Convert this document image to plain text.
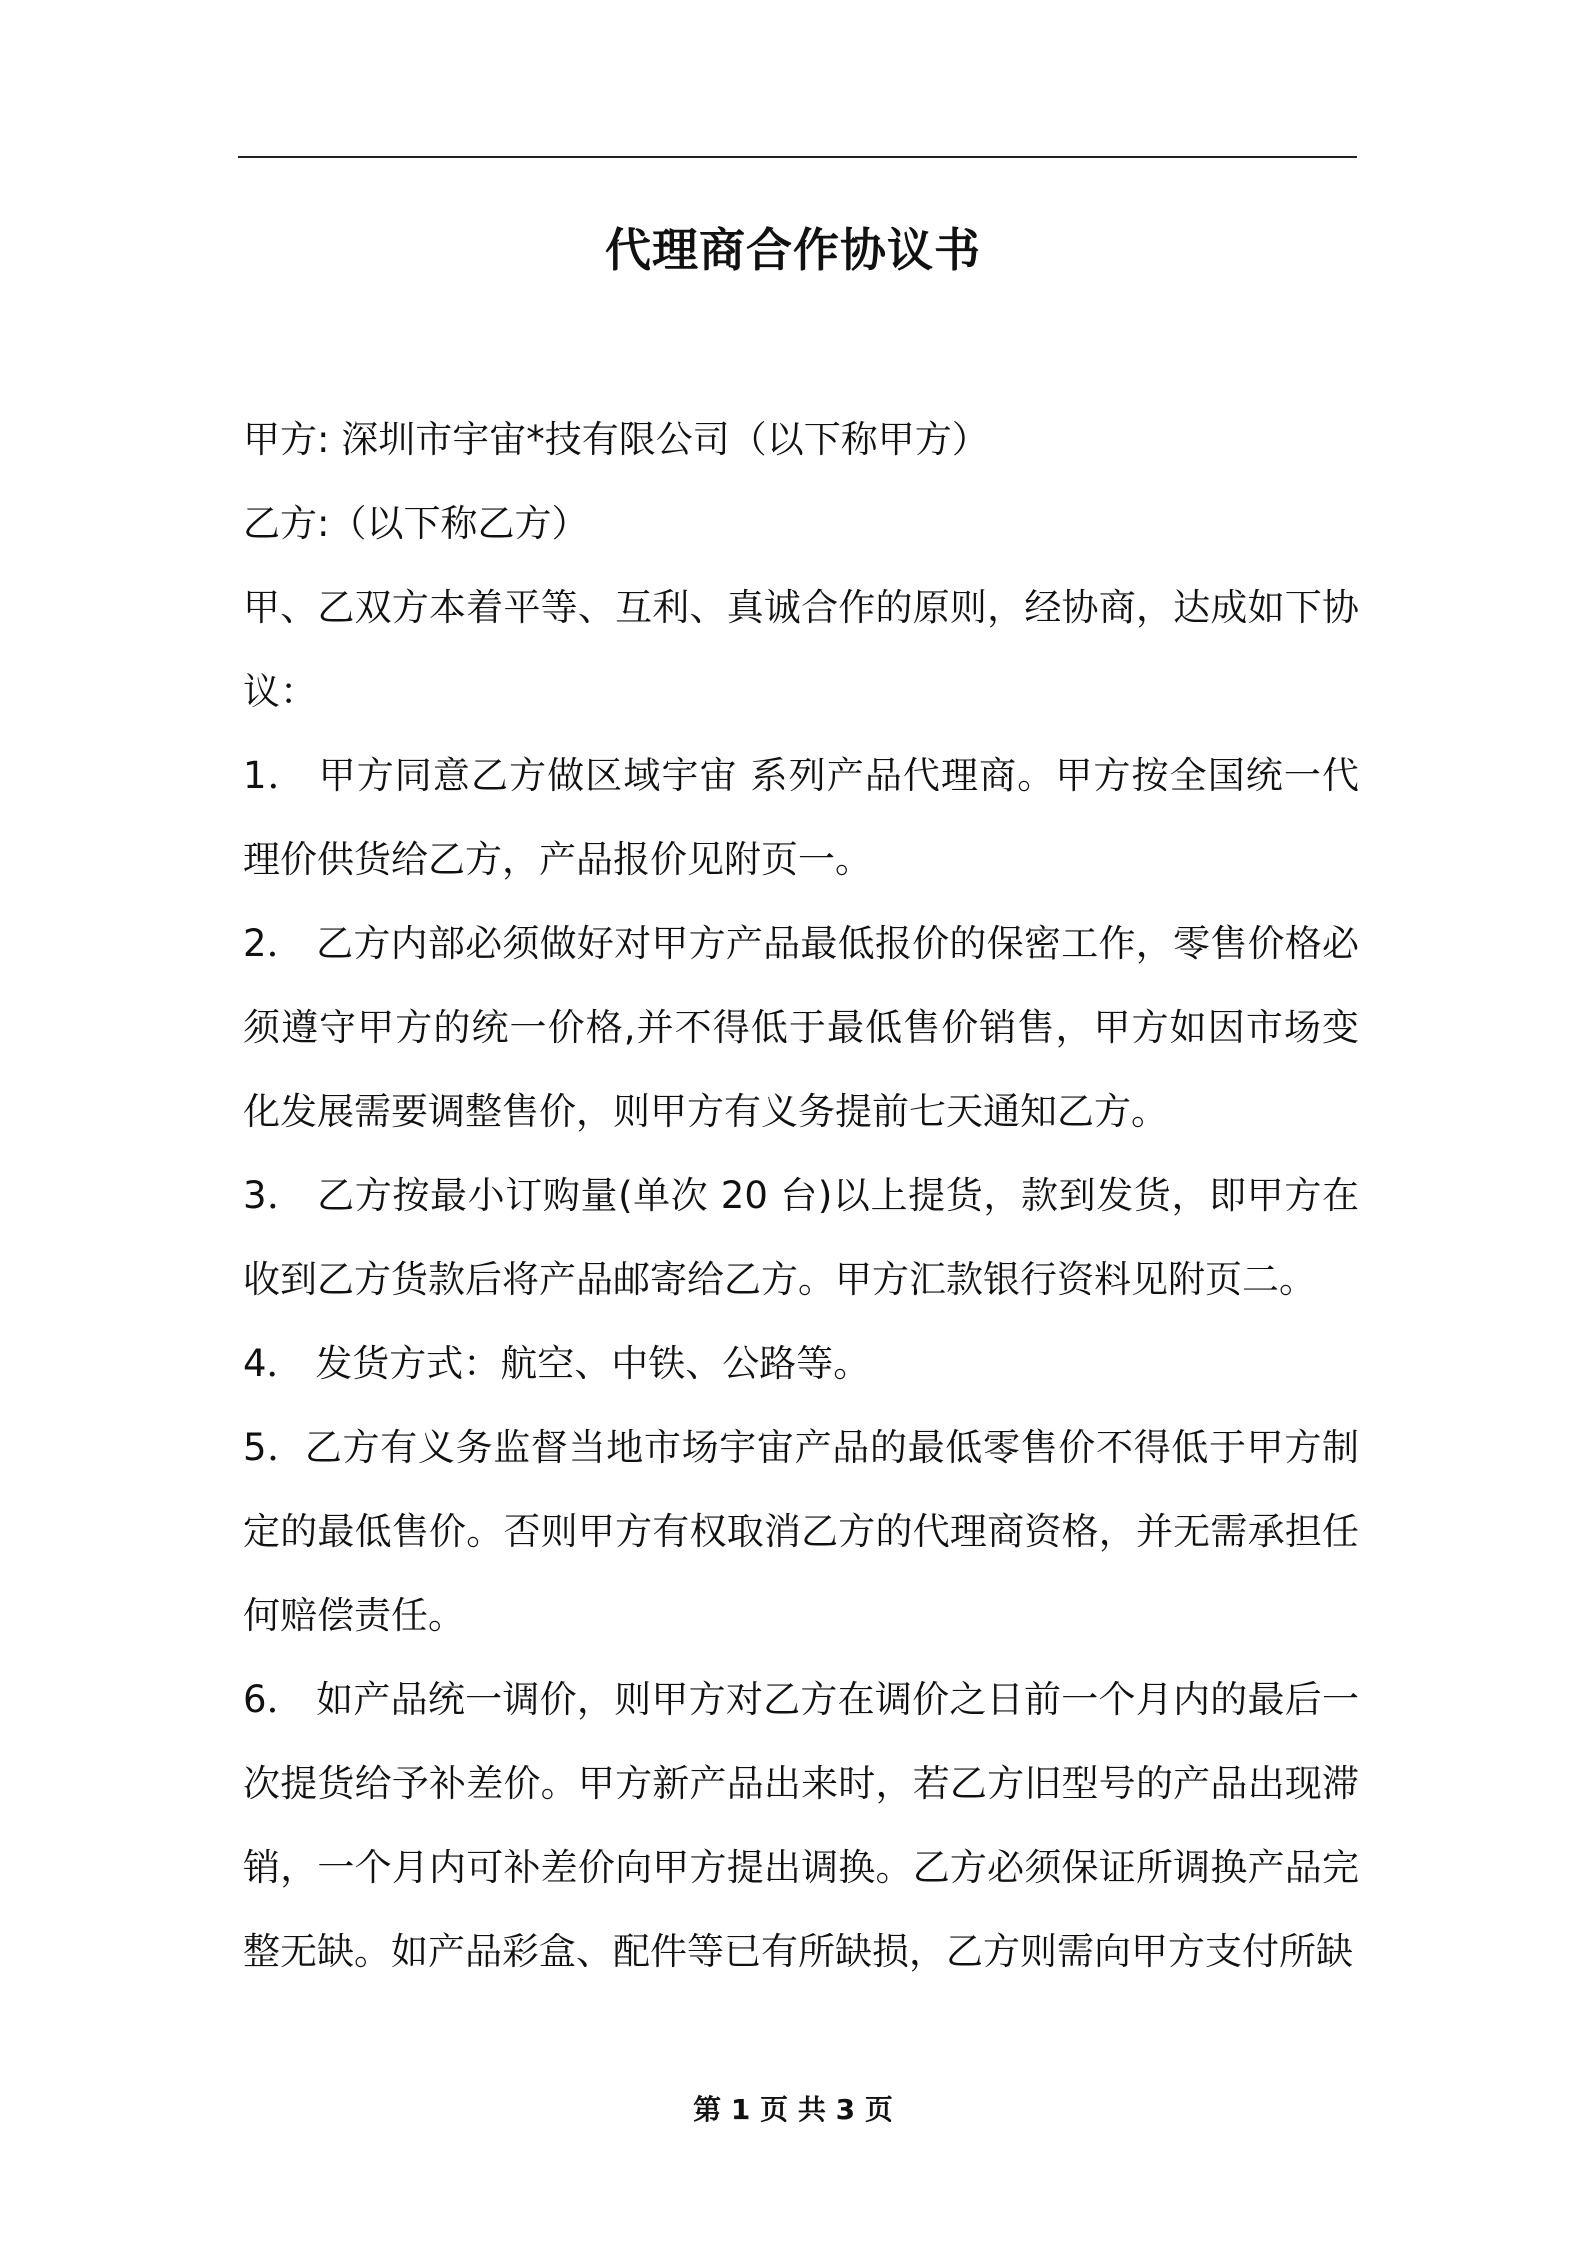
代理商合作协议书

甲方: 深圳市宇宙*技有限公司（以下称甲方）

乙方:（以下称乙方）

甲、乙双方本着平等、互利、真诚合作的原则，经协商，达成如下协议：

1． 甲方同意乙方做区域宇宙 系列产品代理商。甲方按全国统一代理价供货给乙方，产品报价见附页一。

2． 乙方内部必须做好对甲方产品最低报价的保密工作，零售价格必须遵守甲方的统一价格,并不得低于最低售价销售，甲方如因市场变化发展需要调整售价，则甲方有义务提前七天通知乙方。

3． 乙方按最小订购量(单次 20 台)以上提货，款到发货，即甲方在收到乙方货款后将产品邮寄给乙方。甲方汇款银行资料见附页二。

4． 发货方式：航空、中铁、公路等。

5．乙方有义务监督当地市场宇宙产品的最低零售价不得低于甲方制定的最低售价。否则甲方有权取消乙方的代理商资格，并无需承担任何赔偿责任。

6． 如产品统一调价，则甲方对乙方在调价之日前一个月内的最后一次提货给予补差价。甲方新产品出来时，若乙方旧型号的产品出现滞销，一个月内可补差价向甲方提出调换。乙方必须保证所调换产品完整无缺。如产品彩盒、配件等已有所缺损，乙方则需向甲方支付所缺

第 1 页 共 3 页
